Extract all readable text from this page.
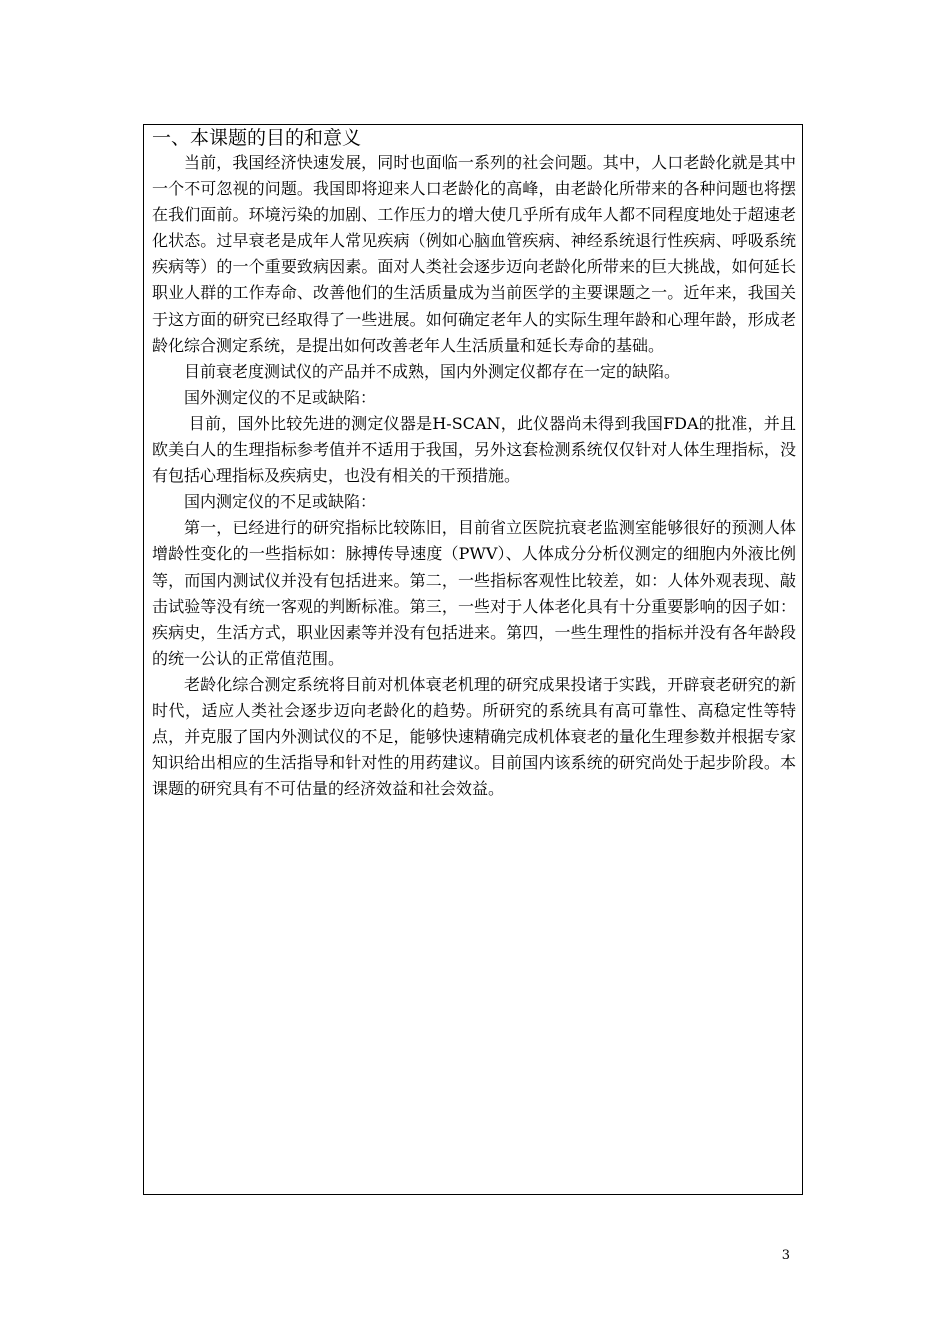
一、本课题的目的和意义

当前，我国经济快速发展，同时也面临一系列的社会问题。其中，人口老龄化就是其中一个不可忽视的问题。我国即将迎来人口老龄化的高峰，由老龄化所带来的各种问题也将摆在我们面前。环境污染的加剧、工作压力的增大使几乎所有成年人都不同程度地处于超速老化状态。过早衰老是成年人常见疾病（例如心脑血管疾病、神经系统退行性疾病、呼吸系统疾病等）的一个重要致病因素。面对人类社会逐步迈向老龄化所带来的巨大挑战，如何延长职业人群的工作寿命、改善他们的生活质量成为当前医学的主要课题之一。近年来，我国关于这方面的研究已经取得了一些进展。如何确定老年人的实际生理年龄和心理年龄，形成老龄化综合测定系统，是提出如何改善老年人生活质量和延长寿命的基础。

目前衰老度测试仪的产品并不成熟，国内外测定仪都存在一定的缺陷。

国外测定仪的不足或缺陷：

目前，国外比较先进的测定仪器是H-SCAN，此仪器尚未得到我国FDA的批准，并且欧美白人的生理指标参考值并不适用于我国，另外这套检测系统仅仅针对人体生理指标，没有包括心理指标及疾病史，也没有相关的干预措施。

国内测定仪的不足或缺陷：

第一，已经进行的研究指标比较陈旧，目前省立医院抗衰老监测室能够很好的预测人体增龄性变化的一些指标如：脉搏传导速度（PWV）、人体成分分析仪测定的细胞内外液比例等，而国内测试仪并没有包括进来。第二，一些指标客观性比较差，如：人体外观表现、敲击试验等没有统一客观的判断标准。第三，一些对于人体老化具有十分重要影响的因子如：疾病史，生活方式，职业因素等并没有包括进来。第四，一些生理性的指标并没有各年龄段的统一公认的正常值范围。

老龄化综合测定系统将目前对机体衰老机理的研究成果投诸于实践，开辟衰老研究的新时代，适应人类社会逐步迈向老龄化的趋势。所研究的系统具有高可靠性、高稳定性等特点，并克服了国内外测试仪的不足，能够快速精确完成机体衰老的量化生理参数并根据专家知识给出相应的生活指导和针对性的用药建议。目前国内该系统的研究尚处于起步阶段。本课题的研究具有不可估量的经济效益和社会效益。

3
